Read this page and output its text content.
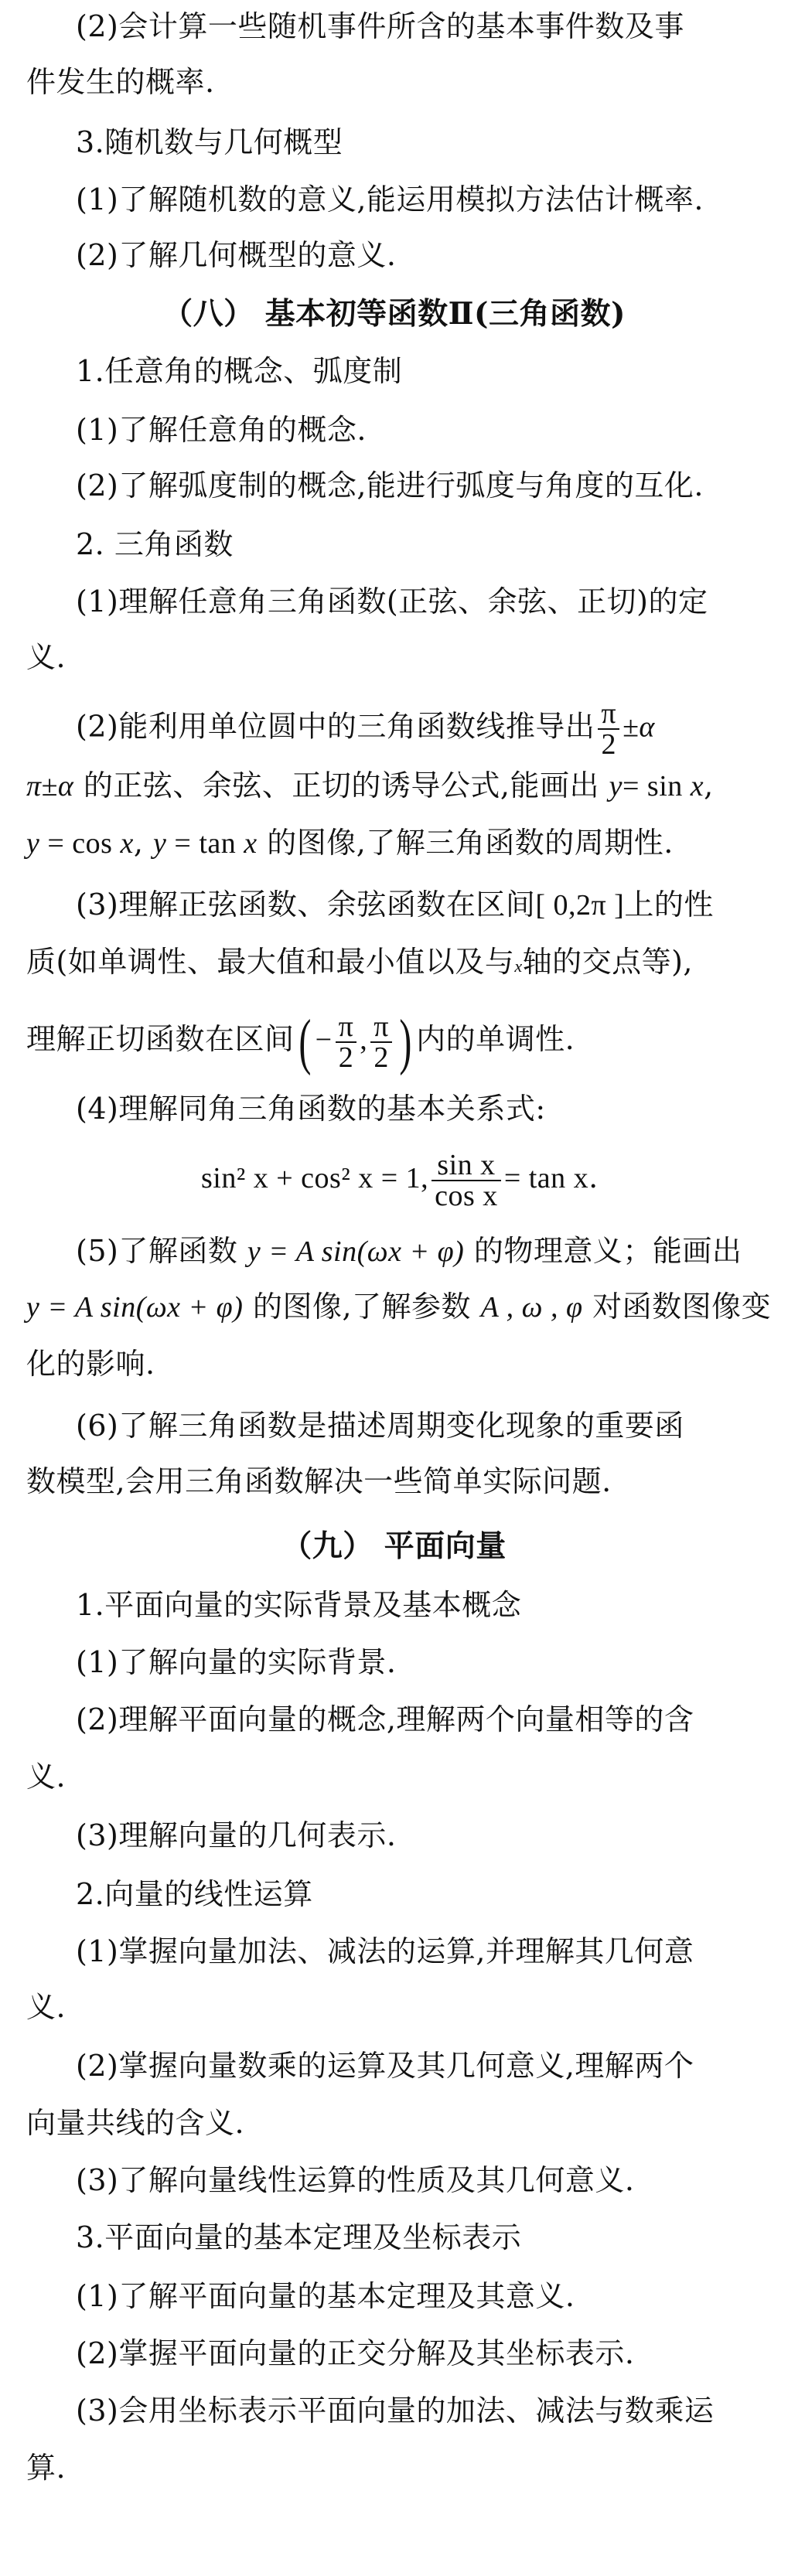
(2)会计算一些随机事件所含的基本事件数及事
件发生的概率.
3.随机数与几何概型
(1)了解随机数的意义,能运用模拟方法估计概率.
(2)了解几何概型的意义.
（八） 基本初等函数Ⅱ(三角函数)
1.任意角的概念、弧度制
(1)了解任意角的概念.
(2)了解弧度制的概念,能进行弧度与角度的互化.
2. 三角函数
(1)理解任意角三角函数(正弦、余弦、正切)的定
义.
(2)能利用单位圆中的三角函数线推导出 $\frac{\pi}{2} \pm\alpha$
π±α 的正弦、余弦、正切的诱导公式,能画出 y= sin x,
y = cos x, y = tan x 的图像,了解三角函数的周期性.
(3)理解正弦函数、余弦函数在区间[ 0,2π ]上的性
质(如单调性、最大值和最小值以及与x轴的交点等),
理解正切函数在区间( − $\frac{\pi}{2}$ , $\frac{\pi}{2}$ ) 内的单调性.
(4)理解同角三角函数的基本关系式:
sin² x + cos² x = 1, $\frac{\text{sin x}}{\text{cos x}} = \tan x$.
(5)了解函数 y = A sin(ωx + φ) 的物理意义；能画出
y = A sin(ωx + φ) 的图像,了解参数 A , ω , φ 对函数图像变
化的影响.
(6)了解三角函数是描述周期变化现象的重要函
数模型,会用三角函数解决一些简单实际问题.
（九） 平面向量
1.平面向量的实际背景及基本概念
(1)了解向量的实际背景.
(2)理解平面向量的概念,理解两个向量相等的含
义.
(3)理解向量的几何表示.
2.向量的线性运算
(1)掌握向量加法、减法的运算,并理解其几何意
义.
(2)掌握向量数乘的运算及其几何意义,理解两个
向量共线的含义.
(3)了解向量线性运算的性质及其几何意义.
3.平面向量的基本定理及坐标表示
(1)了解平面向量的基本定理及其意义.
(2)掌握平面向量的正交分解及其坐标表示.
(3)会用坐标表示平面向量的加法、减法与数乘运
算.
